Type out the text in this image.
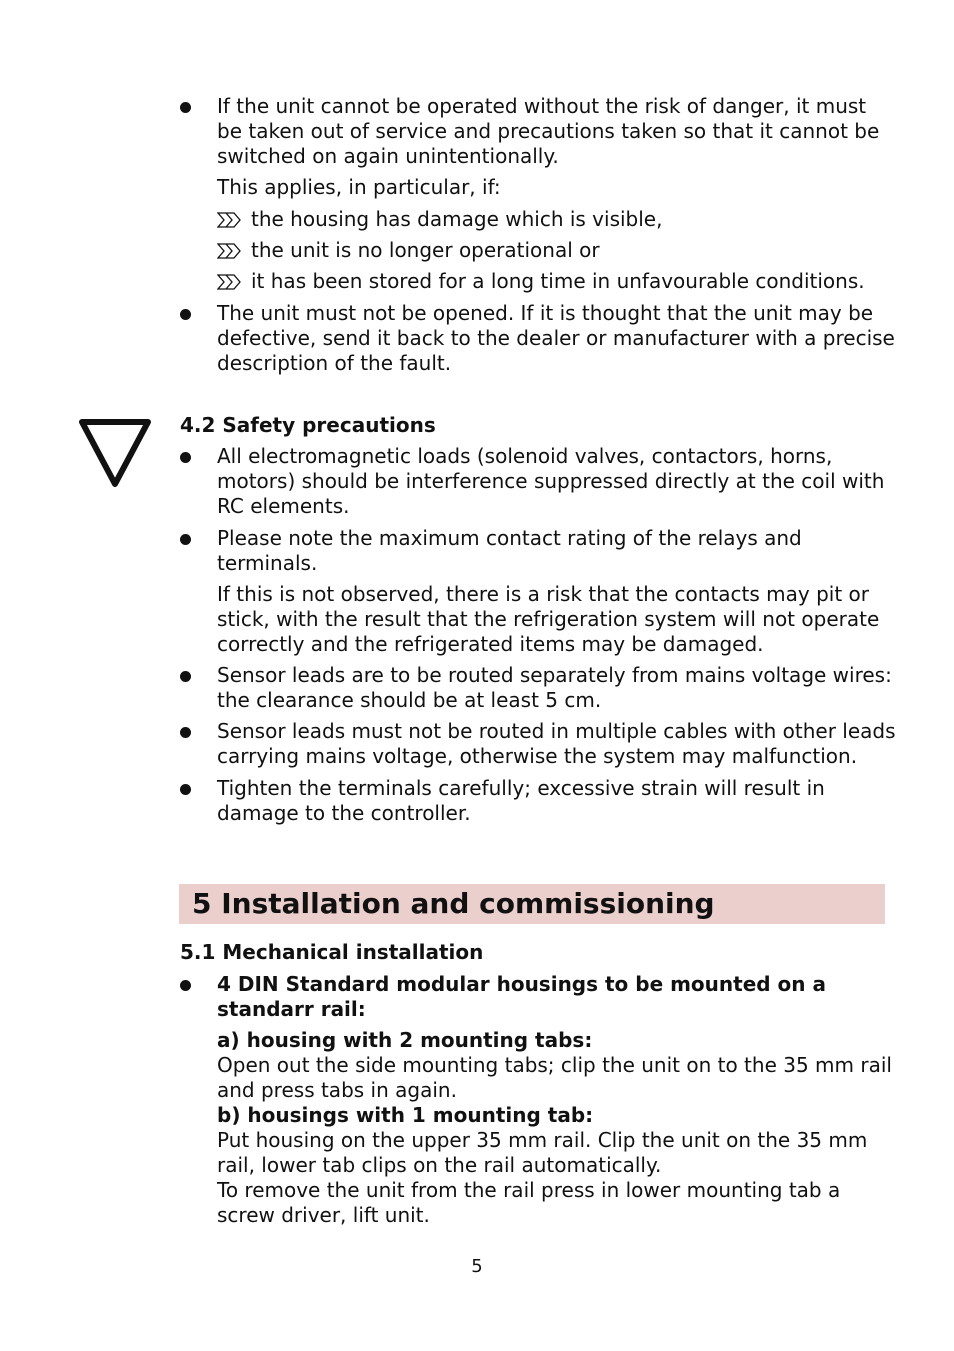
If the unit cannot be operated without the risk of danger, it must
be taken out of service and precautions taken so that it cannot be
switched on again unintentionally.
This applies, in particular, if:
the housing has damage which is visible,
the unit is no longer operational or
it has been stored for a long time in unfavourable conditions.
The unit must not be opened. If it is thought that the unit may be
defective, send it back to the dealer or manufacturer with a precise
description of the fault.
4.2 Safety precautions
All electromagnetic loads (solenoid valves, contactors, horns,
motors) should be interference suppressed directly at the coil with
RC elements.
Please note the maximum contact rating of the relays and
terminals.
If this is not observed, there is a risk that the contacts may pit or
stick, with the result that the refrigeration system will not operate
correctly and the refrigerated items may be damaged.
Sensor leads are to be routed separately from mains voltage wires:
the clearance should be at least 5 cm.
Sensor leads must not be routed in multiple cables with other leads
carrying mains voltage, otherwise the system may malfunction.
Tighten the terminals carefully; excessive strain will result in
damage to the controller.
5 Installation and commissioning
5.1 Mechanical installation
4 DIN Standard modular housings to be mounted on a
standarr rail:
a) housing with 2 mounting tabs:
Open out the side mounting tabs; clip the unit on to the 35 mm rail
and press tabs in again.
b) housings with 1 mounting tab:
Put housing on the upper 35 mm rail. Clip the unit on the 35 mm
rail, lower tab clips on the rail automatically.
To remove the unit from the rail press in lower mounting tab a
screw driver, lift unit.
5
